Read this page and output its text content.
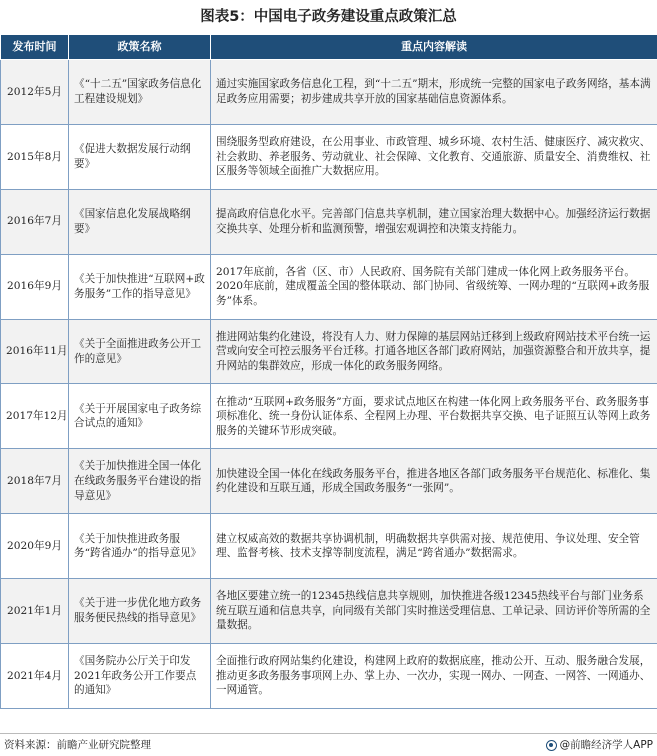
图表5：中国电子政务建设重点政策汇总
发布时间	政策名称	重点内容解读
2012年5月	《“十二五”国家政务信息化工程建设规划》	通过实施国家政务信息化工程，到“十二五”期末，形成统一完整的国家电子政务网络，基本满足政务应用需要；初步建成共享开放的国家基础信息资源体系。
2015年8月	《促进大数据发展行动纲要》	围绕服务型政府建设，在公用事业、市政管理、城乡环境、农村生活、健康医疗、减灾救灾、社会救助、养老服务、劳动就业、社会保障、文化教育、交通旅游、质量安全、消费维权、社区服务等领域全面推广大数据应用。
2016年7月	《国家信息化发展战略纲要》	提高政府信息化水平。完善部门信息共享机制，建立国家治理大数据中心。加强经济运行数据交换共享、处理分析和监测预警，增强宏观调控和决策支持能力。
2016年9月	《关于加快推进“互联网+政务服务”工作的指导意见》	2017年底前，各省（区、市）人民政府、国务院有关部门建成一体化网上政务服务平台。2020年底前，建成覆盖全国的整体联动、部门协同、省级统筹、一网办理的“互联网+政务服务”体系。
2016年11月	《关于全面推进政务公开工作的意见》	推进网站集约化建设，将没有人力、财力保障的基层网站迁移到上级政府网站技术平台统一运营或向安全可控云服务平台迁移。打通各地区各部门政府网站，加强资源整合和开放共享，提升网站的集群效应，形成一体化的政务服务网络。
2017年12月	《关于开展国家电子政务综合试点的通知》	在推动“互联网+政务服务”方面，要求试点地区在构建一体化网上政务服务平台、政务服务事项标准化、统一身份认证体系、全程网上办理、平台数据共享交换、电子证照互认等网上政务服务的关键环节形成突破。
2018年7月	《关于加快推进全国一体化在线政务服务平台建设的指导意见》	加快建设全国一体化在线政务服务平台，推进各地区各部门政务服务平台规范化、标准化、集约化建设和互联互通，形成全国政务服务“一张网”。
2020年9月	《关于加快推进政务服务“跨省通办”的指导意见》	建立权威高效的数据共享协调机制，明确数据共享供需对接、规范使用、争议处理、安全管理、监督考核、技术支撑等制度流程，满足“跨省通办”数据需求。
2021年1月	《关于进一步优化地方政务服务便民热线的指导意见》	各地区要建立统一的12345热线信息共享规则，加快推进各级12345热线平台与部门业务系统互联互通和信息共享，向同级有关部门实时推送受理信息、工单记录、回访评价等所需的全量数据。
2021年4月	《国务院办公厅关于印发2021年政务公开工作要点的通知》	全面推行政府网站集约化建设，构建网上政府的数据底座，推动公开、互动、服务融合发展，推动更多政务服务事项网上办、掌上办、一次办，实现一网办、一网查、一网答、一网通办、一网通管。
资料来源：前瞻产业研究院整理	@前瞻经济学人APP
